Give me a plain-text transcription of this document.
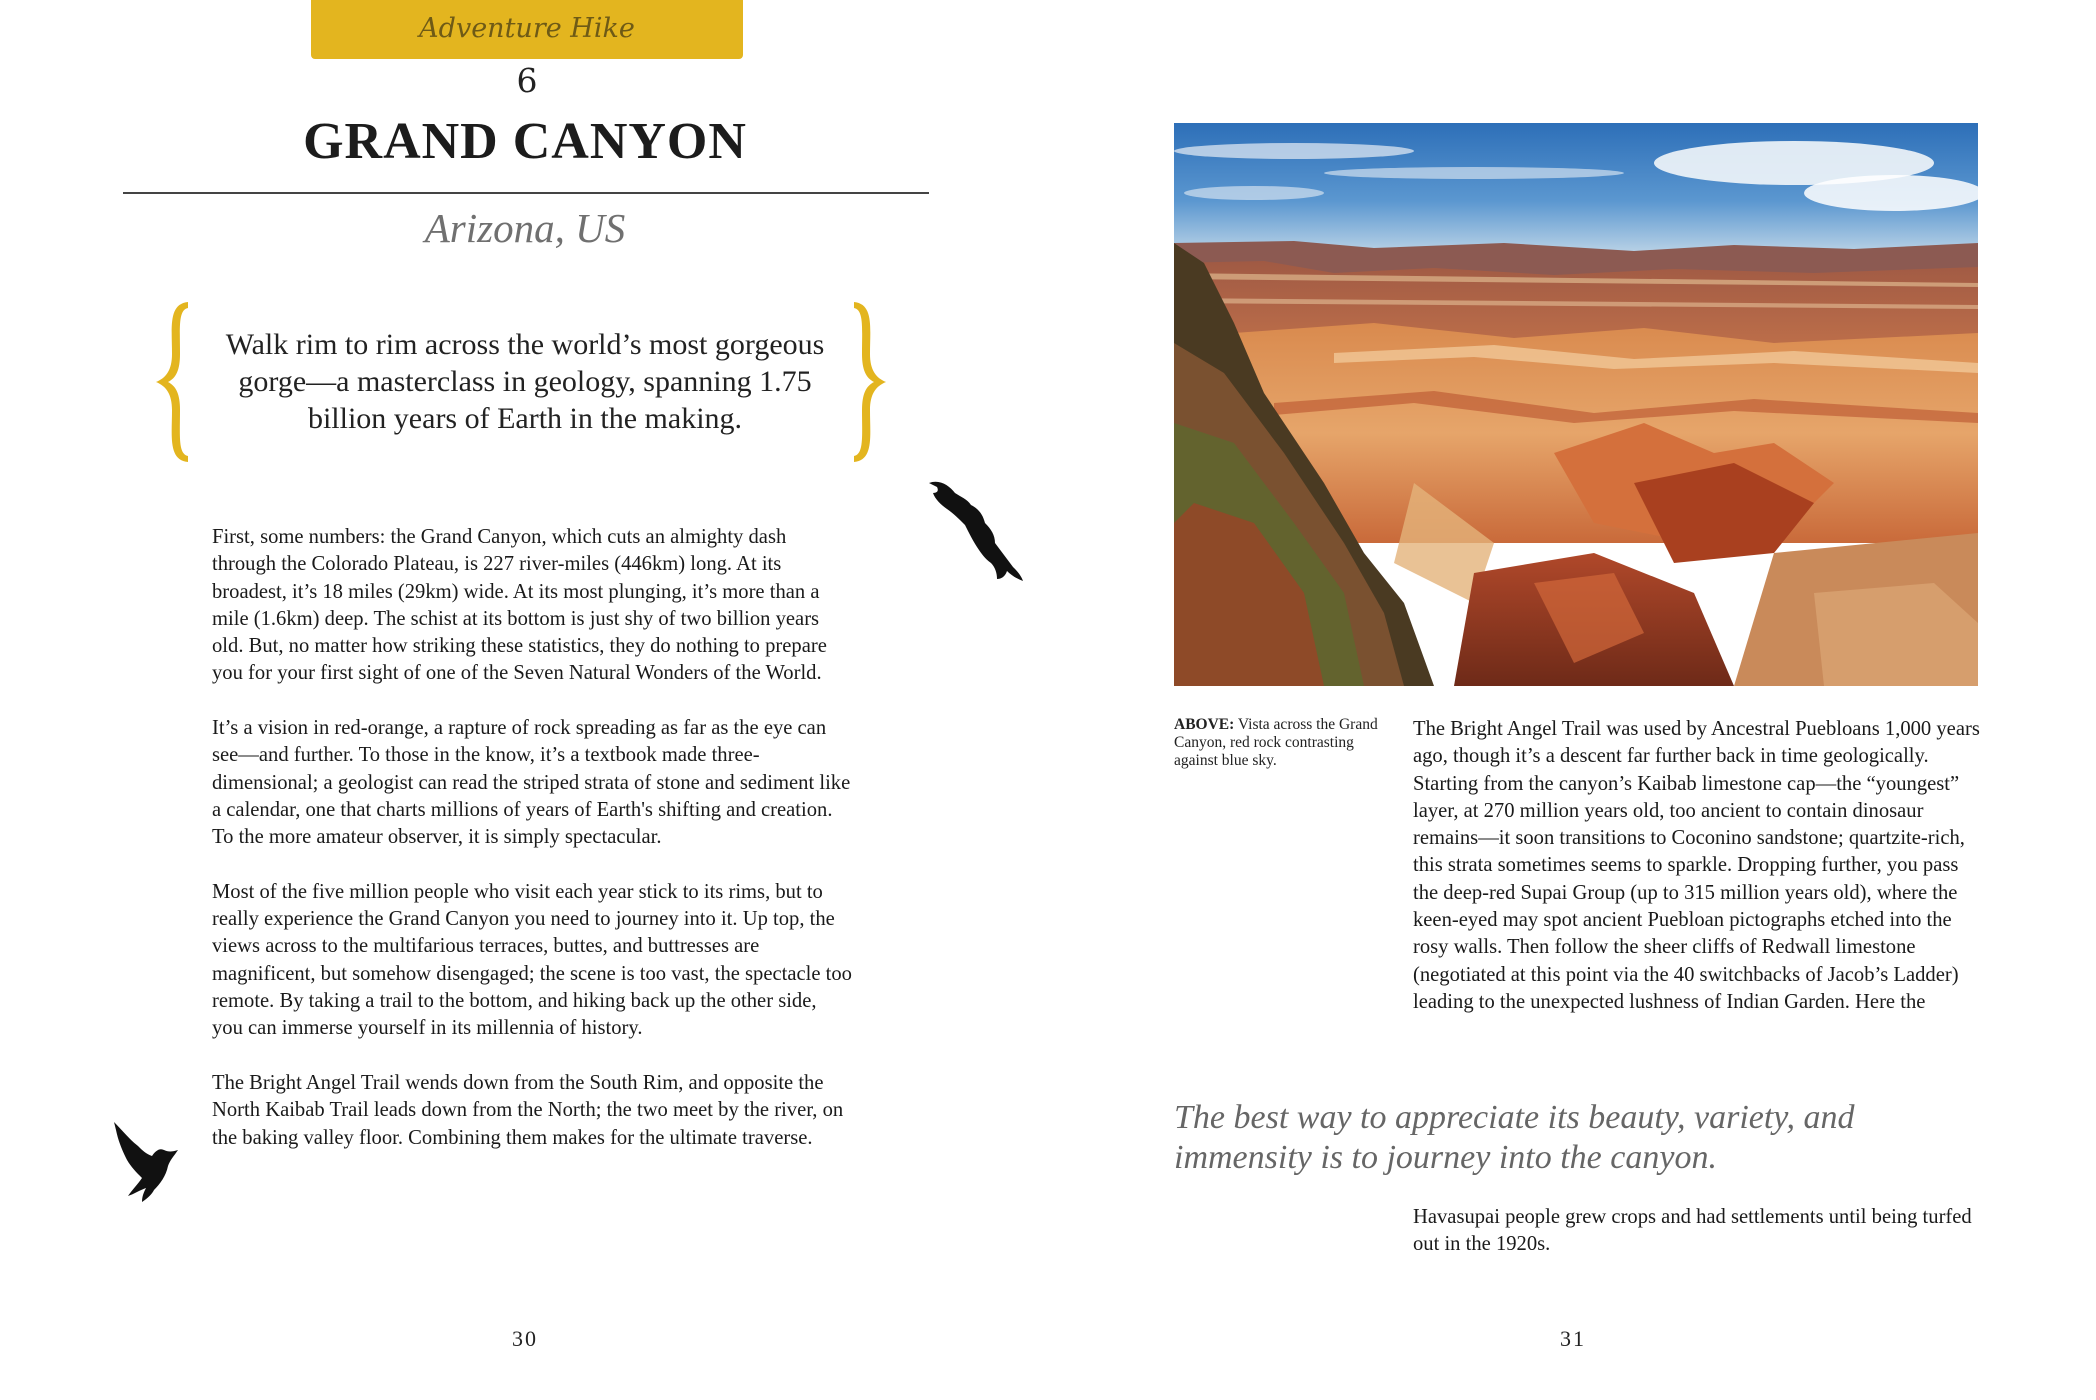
Adventure Hike
6
GRAND CANYON
Arizona, US
Walk rim to rim across the world’s most gorgeous gorge—a masterclass in geology, spanning 1.75 billion years of Earth in the making.

First, some numbers: the Grand Canyon, which cuts an almighty dash through the Colorado Plateau, is 227 river-miles (446km) long. At its broadest, it’s 18 miles (29km) wide. At its most plunging, it’s more than a mile (1.6km) deep. The schist at its bottom is just shy of two billion years old. But, no matter how striking these statistics, they do nothing to prepare you for your first sight of one of the Seven Natural Wonders of the World.

It’s a vision in red-orange, a rapture of rock spreading as far as the eye can see—and further. To those in the know, it’s a textbook made three-dimensional; a geologist can read the striped strata of stone and sediment like a calendar, one that charts millions of years of Earth's shifting and creation. To the more amateur observer, it is simply spectacular.

Most of the five million people who visit each year stick to its rims, but to really experience the Grand Canyon you need to journey into it. Up top, the views across to the multifarious terraces, buttes, and buttresses are magnificent, but somehow disengaged; the scene is too vast, the spectacle too remote. By taking a trail to the bottom, and hiking back up the other side, you can immerse yourself in its millennia of history.

The Bright Angel Trail wends down from the South Rim, and opposite the North Kaibab Trail leads down from the North; the two meet by the river, on the baking valley floor. Combining them makes for the ultimate traverse.

30
ABOVE: Vista across the Grand Canyon, red rock contrasting against blue sky.

The Bright Angel Trail was used by Ancestral Puebloans 1,000 years ago, though it’s a descent far further back in time geologically. Starting from the canyon’s Kaibab limestone cap—the “youngest” layer, at 270 million years old, too ancient to contain dinosaur remains—it soon transitions to Coconino sandstone; quartzite-rich, this strata sometimes seems to sparkle. Dropping further, you pass the deep-red Supai Group (up to 315 million years old), where the keen-eyed may spot ancient Puebloan pictographs etched into the rosy walls. Then follow the sheer cliffs of Redwall limestone (negotiated at this point via the 40 switchbacks of Jacob’s Ladder) leading to the unexpected lushness of Indian Garden. Here the

The best way to appreciate its beauty, variety, and immensity is to journey into the canyon.

Havasupai people grew crops and had settlements until being turfed out in the 1920s.

31
